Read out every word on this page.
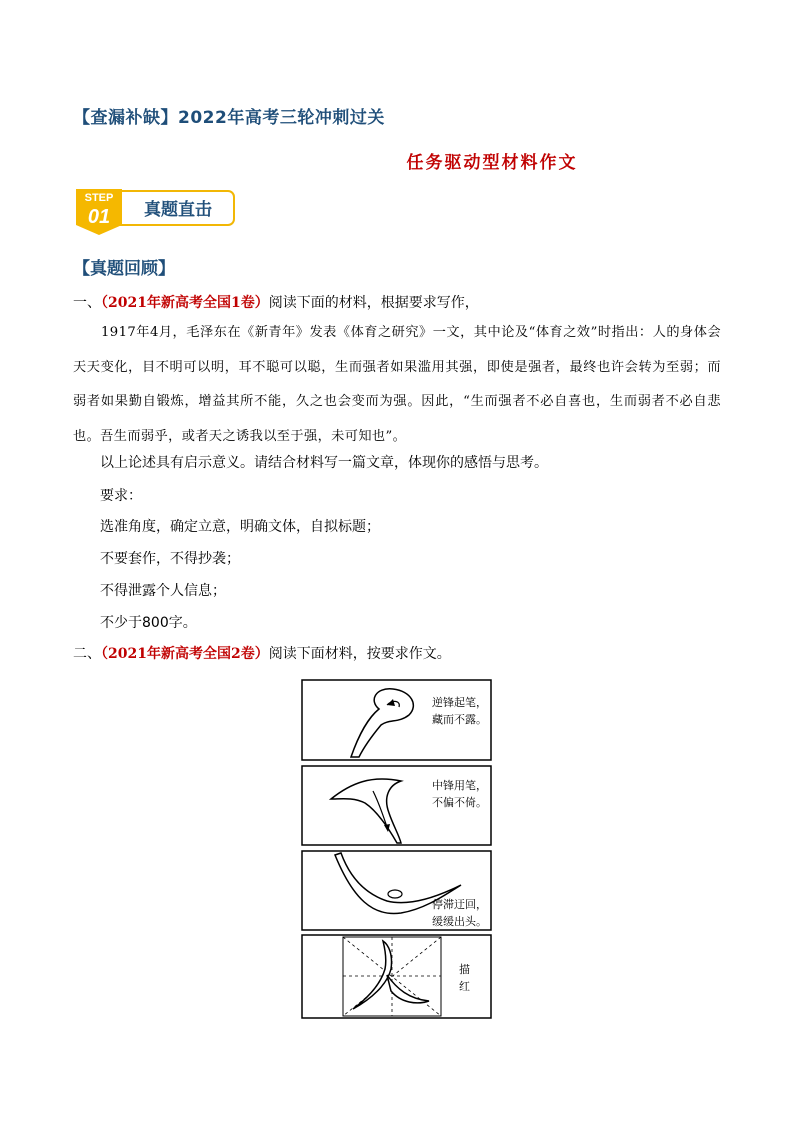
【查漏补缺】2022年高考三轮冲刺过关
任务驱动型材料作文
STEP
01 真题直击
【真题回顾】
一、（2021年新高考全国1卷）阅读下面的材料，根据要求写作，
1917年4月，毛泽东在《新青年》发表《体育之研究》一文，其中论及“体育之效”时指出：人的身体会天天变化，目不明可以明，耳不聪可以聪，生而强者如果滥用其强，即使是强者，最终也许会转为至弱；而弱者如果勤自锻炼，增益其所不能，久之也会变而为强。因此，“生而强者不必自喜也，生而弱者不必自悲也。吾生而弱乎，或者天之诱我以至于强，未可知也”。
以上论述具有启示意义。请结合材料写一篇文章，体现你的感悟与思考。
要求：
选准角度，确定立意，明确文体，自拟标题；
不要套作，不得抄袭；
不得泄露个人信息；
不少于800字。
二、（2021年新高考全国2卷）阅读下面材料，按要求作文。
逆锋起笔，
藏而不露。
中锋用笔，
不偏不倚。
停滞迂回，
缓缓出头。
描
红
